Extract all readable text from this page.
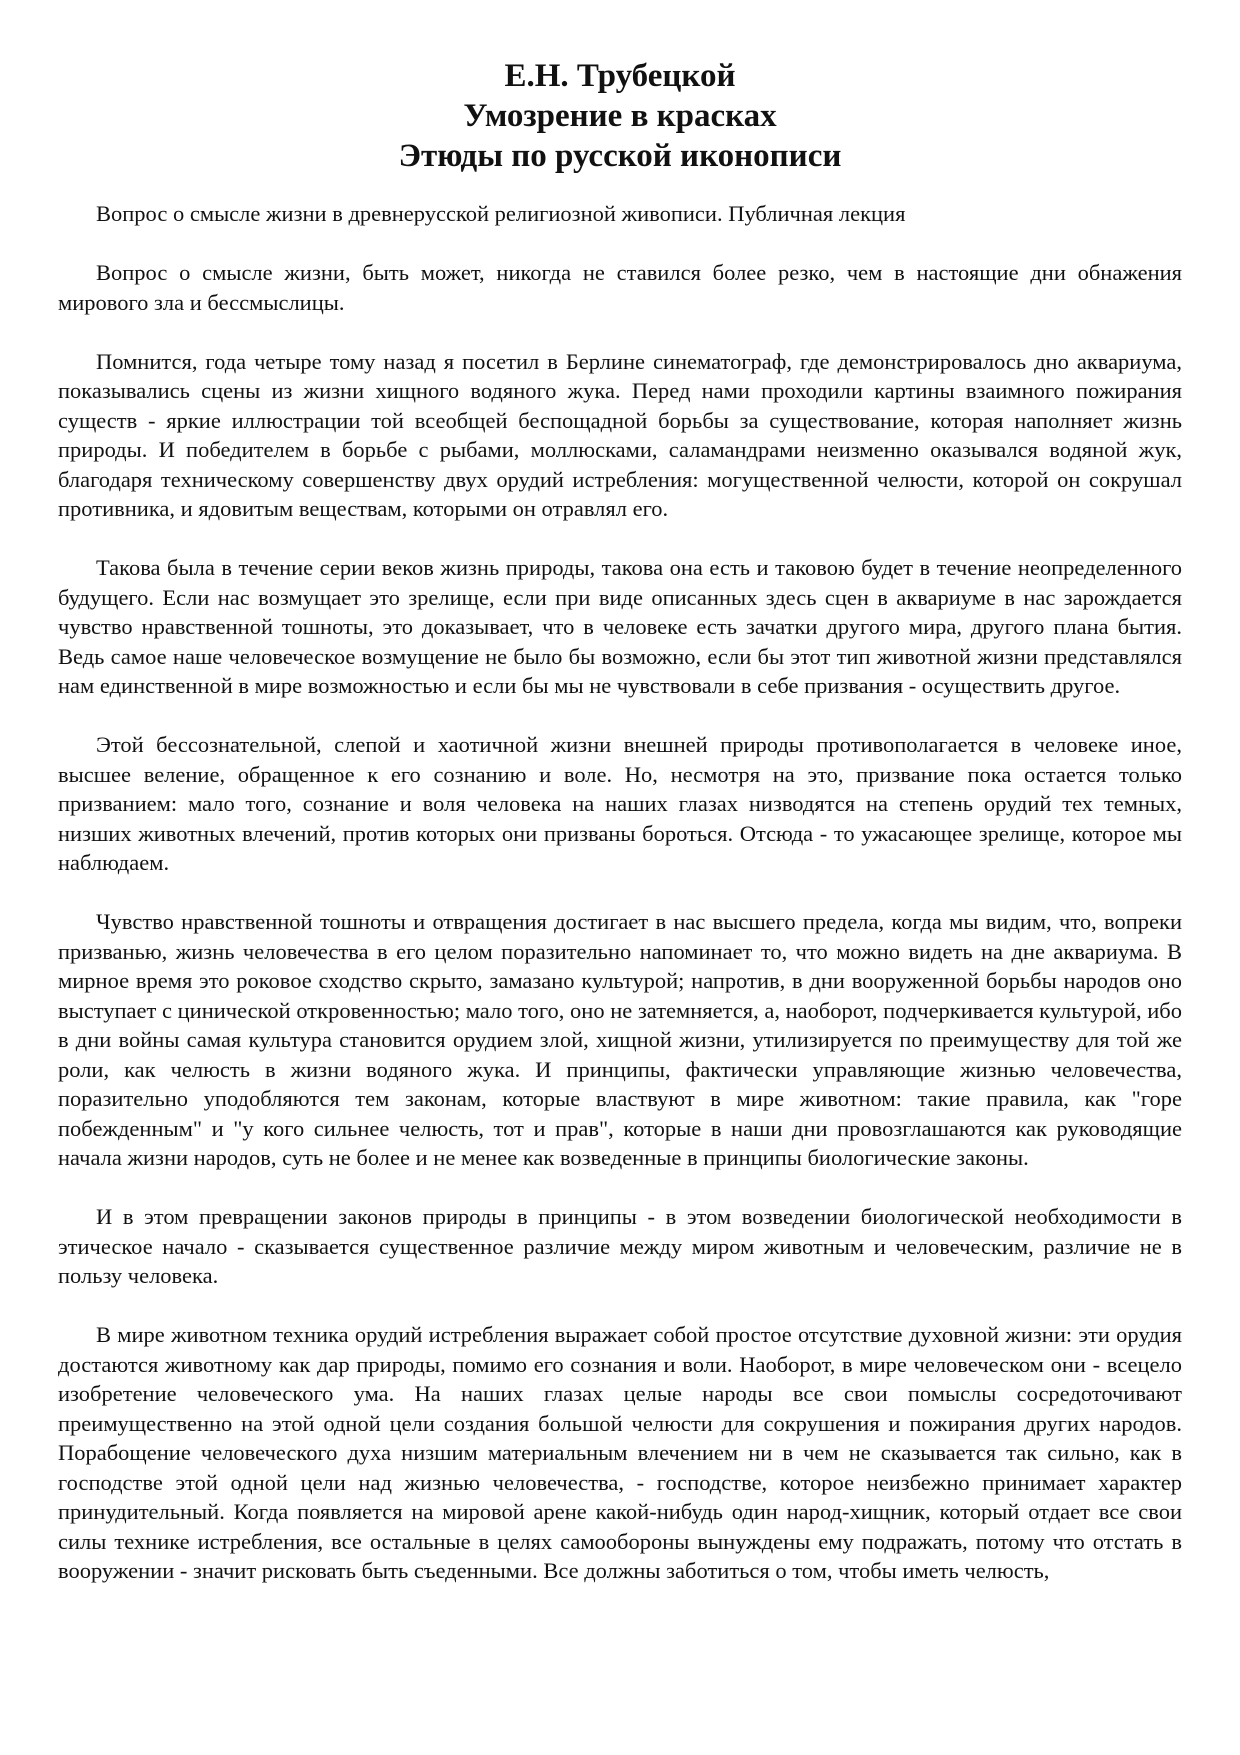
Е.Н. Трубецкой
Умозрение в красках
Этюды по русской иконописи
Вопрос о смысле жизни в древнерусской религиозной живописи. Публичная лекция

Вопрос о смысле жизни, быть может, никогда не ставился более резко, чем в настоящие дни обнажения мирового зла и бессмыслицы.

Помнится, года четыре тому назад я посетил в Берлине синематограф, где демонстрировалось дно аквариума, показывались сцены из жизни хищного водяного жука. Перед нами проходили картины взаимного пожирания существ - яркие иллюстрации той всеобщей беспощадной борьбы за существование, которая наполняет жизнь природы. И победителем в борьбе с рыбами, моллюсками, саламандрами неизменно оказывался водяной жук, благодаря техническому совершенству двух орудий истребления: могущественной челюсти, которой он сокрушал противника, и ядовитым веществам, которыми он отравлял его.

Такова была в течение серии веков жизнь природы, такова она есть и таковою будет в течение неопределенного будущего. Если нас возмущает это зрелище, если при виде описанных здесь сцен в аквариуме в нас зарождается чувство нравственной тошноты, это доказывает, что в человеке есть зачатки другого мира, другого плана бытия. Ведь самое наше человеческое возмущение не было бы возможно, если бы этот тип животной жизни представлялся нам единственной в мире возможностью и если бы мы не чувствовали в себе призвания - осуществить другое.

Этой бессознательной, слепой и хаотичной жизни внешней природы противополагается в человеке иное, высшее веление, обращенное к его сознанию и воле. Но, несмотря на это, призвание пока остается только призванием: мало того, сознание и воля человека на наших глазах низводятся на степень орудий тех темных, низших животных влечений, против которых они призваны бороться. Отсюда - то ужасающее зрелище, которое мы наблюдаем.

Чувство нравственной тошноты и отвращения достигает в нас высшего предела, когда мы видим, что, вопреки призванью, жизнь человечества в его целом поразительно напоминает то, что можно видеть на дне аквариума. В мирное время это роковое сходство скрыто, замазано культурой; напротив, в дни вооруженной борьбы народов оно выступает с цинической откровенностью; мало того, оно не затемняется, а, наоборот, подчеркивается культурой, ибо в дни войны самая культура становится орудием злой, хищной жизни, утилизируется по преимуществу для той же роли, как челюсть в жизни водяного жука. И принципы, фактически управляющие жизнью человечества, поразительно уподобляются тем законам, которые властвуют в мире животном: такие правила, как "горе побежденным" и "у кого сильнее челюсть, тот и прав", которые в наши дни провозглашаются как руководящие начала жизни народов, суть не более и не менее как возведенные в принципы биологические законы.

И в этом превращении законов природы в принципы - в этом возведении биологической необходимости в этическое начало - сказывается существенное различие между миром животным и человеческим, различие не в пользу человека.

В мире животном техника орудий истребления выражает собой простое отсутствие духовной жизни: эти орудия достаются животному как дар природы, помимо его сознания и воли. Наоборот, в мире человеческом они - всецело изобретение человеческого ума. На наших глазах целые народы все свои помыслы сосредоточивают преимущественно на этой одной цели создания большой челюсти для сокрушения и пожирания других народов. Порабощение человеческого духа низшим материальным влечением ни в чем не сказывается так сильно, как в господстве этой одной цели над жизнью человечества, - господстве, которое неизбежно принимает характер принудительный. Когда появляется на мировой арене какой-нибудь один народ-хищник, который отдает все свои силы технике истребления, все остальные в целях самообороны вынуждены ему подражать, потому что отстать в вооружении - значит рисковать быть съеденными. Все должны заботиться о том, чтобы иметь челюсть,
